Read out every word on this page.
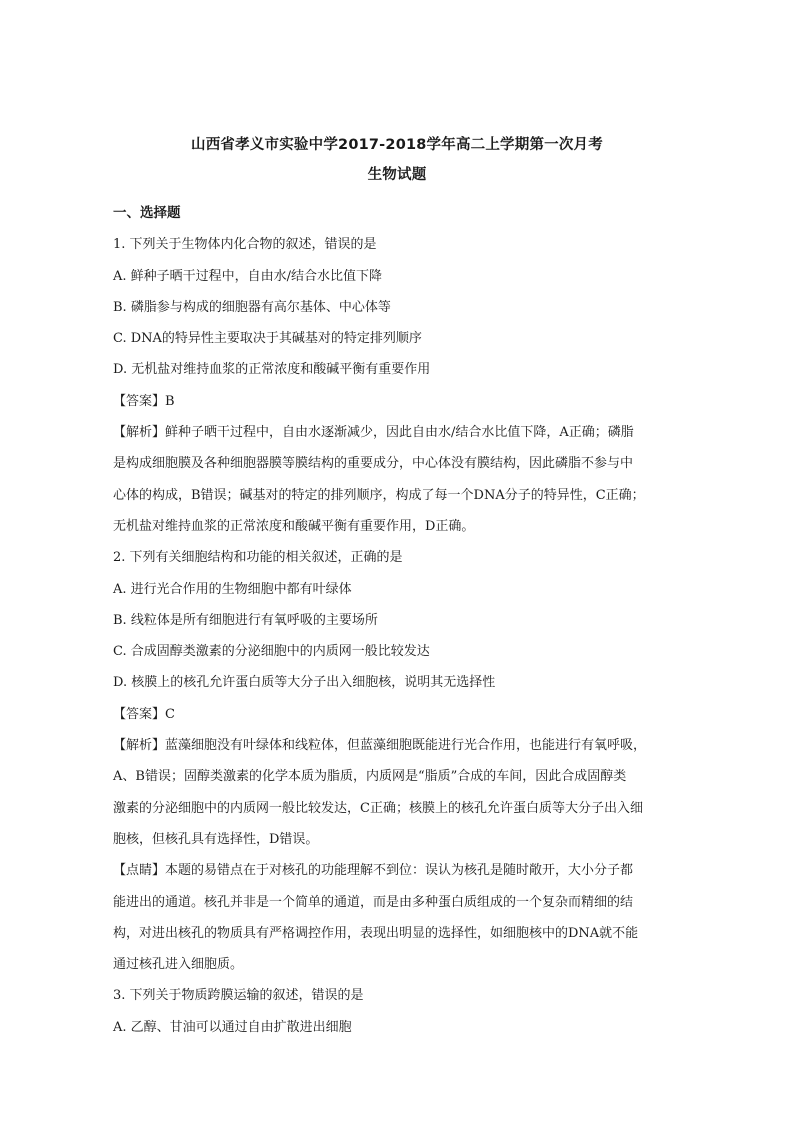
山西省孝义市实验中学2017-2018学年高二上学期第一次月考
生物试题
一、选择题
1. 下列关于生物体内化合物的叙述，错误的是
A. 鲜种子晒干过程中，自由水/结合水比值下降
B. 磷脂参与构成的细胞器有高尔基体、中心体等
C. DNA的特异性主要取决于其碱基对的特定排列顺序
D. 无机盐对维持血浆的正常浓度和酸碱平衡有重要作用
【答案】B
【解析】鲜种子晒干过程中，自由水逐渐减少，因此自由水/结合水比值下降，A正确；磷脂
是构成细胞膜及各种细胞器膜等膜结构的重要成分，中心体没有膜结构，因此磷脂不参与中
心体的构成，B错误；碱基对的特定的排列顺序，构成了每一个DNA分子的特异性，C正确；
无机盐对维持血浆的正常浓度和酸碱平衡有重要作用，D正确。
2. 下列有关细胞结构和功能的相关叙述，正确的是
A. 进行光合作用的生物细胞中都有叶绿体
B. 线粒体是所有细胞进行有氧呼吸的主要场所
C. 合成固醇类激素的分泌细胞中的内质网一般比较发达
D. 核膜上的核孔允许蛋白质等大分子出入细胞核，说明其无选择性
【答案】C
【解析】蓝藻细胞没有叶绿体和线粒体，但蓝藻细胞既能进行光合作用，也能进行有氧呼吸，
A、B错误；固醇类激素的化学本质为脂质，内质网是“脂质”合成的车间，因此合成固醇类
激素的分泌细胞中的内质网一般比较发达，C正确；核膜上的核孔允许蛋白质等大分子出入细
胞核，但核孔具有选择性，D错误。
【点睛】本题的易错点在于对核孔的功能理解不到位：误认为核孔是随时敞开，大小分子都
能进出的通道。核孔并非是一个简单的通道，而是由多种蛋白质组成的一个复杂而精细的结
构，对进出核孔的物质具有严格调控作用，表现出明显的选择性，如细胞核中的DNA就不能
通过核孔进入细胞质。
3. 下列关于物质跨膜运输的叙述，错误的是
A. 乙醇、甘油可以通过自由扩散进出细胞
